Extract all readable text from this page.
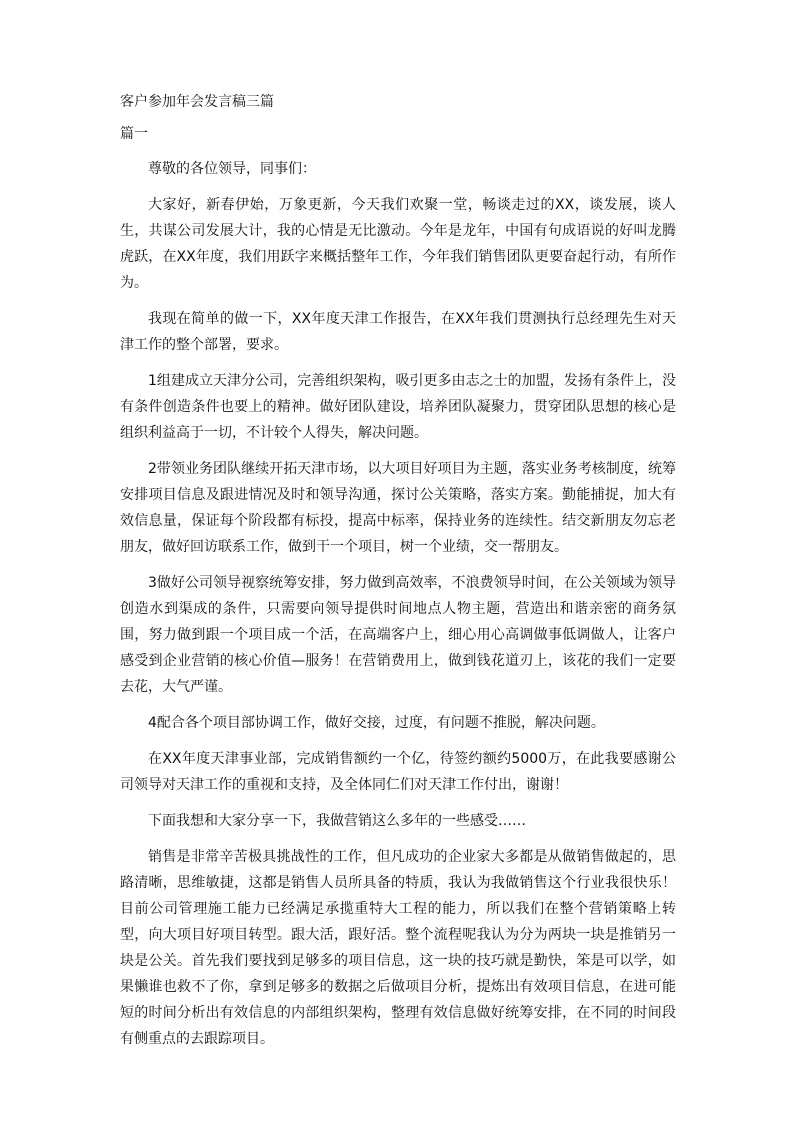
客户参加年会发言稿三篇
篇一

尊敬的各位领导，同事们：

大家好，新春伊始，万象更新，今天我们欢聚一堂，畅谈走过的XX，谈发展，谈人生，共谋公司发展大计，我的心情是无比激动。今年是龙年，中国有句成语说的好叫龙腾虎跃，在XX年度，我们用跃字来概括整年工作，今年我们销售团队更要奋起行动，有所作为。

我现在简单的做一下，XX年度天津工作报告，在XX年我们贯测执行总经理先生对天津工作的整个部署，要求。

1组建成立天津分公司，完善组织架构，吸引更多由志之士的加盟，发扬有条件上，没有条件创造条件也要上的精神。做好团队建设，培养团队凝聚力，贯穿团队思想的核心是组织利益高于一切，不计较个人得失，解决问题。

2带领业务团队继续开拓天津市场，以大项目好项目为主题，落实业务考核制度，统筹安排项目信息及跟进情况及时和领导沟通，探讨公关策略，落实方案。勤能捕捉，加大有效信息量，保证每个阶段都有标投，提高中标率，保持业务的连续性。结交新朋友勿忘老朋友，做好回访联系工作，做到干一个项目，树一个业绩，交一帮朋友。

3做好公司领导视察统筹安排，努力做到高效率，不浪费领导时间，在公关领域为领导创造水到渠成的条件，只需要向领导提供时间地点人物主题，营造出和谐亲密的商务氛围，努力做到跟一个项目成一个活，在高端客户上，细心用心高调做事低调做人，让客户感受到企业营销的核心价值—服务！在营销费用上，做到钱花道刃上，该花的我们一定要去花，大气严谨。

4配合各个项目部协调工作，做好交接，过度，有问题不推脱，解决问题。

在XX年度天津事业部，完成销售额约一个亿，待签约额约5000万，在此我要感谢公司领导对天津工作的重视和支持，及全体同仁们对天津工作付出，谢谢！

下面我想和大家分享一下，我做营销这么多年的一些感受……

销售是非常辛苦极具挑战性的工作，但凡成功的企业家大多都是从做销售做起的，思路清晰，思维敏捷，这都是销售人员所具备的特质，我认为我做销售这个行业我很快乐！目前公司管理施工能力已经满足承揽重特大工程的能力，所以我们在整个营销策略上转型，向大项目好项目转型。跟大活，跟好活。整个流程呢我认为分为两块一块是推销另一块是公关。首先我们要找到足够多的项目信息，这一块的技巧就是勤快，笨是可以学，如果懒谁也救不了你，拿到足够多的数据之后做项目分析，提炼出有效项目信息，在进可能短的时间分析出有效信息的内部组织架构，整理有效信息做好统筹安排，在不同的时间段有侧重点的去跟踪项目。
